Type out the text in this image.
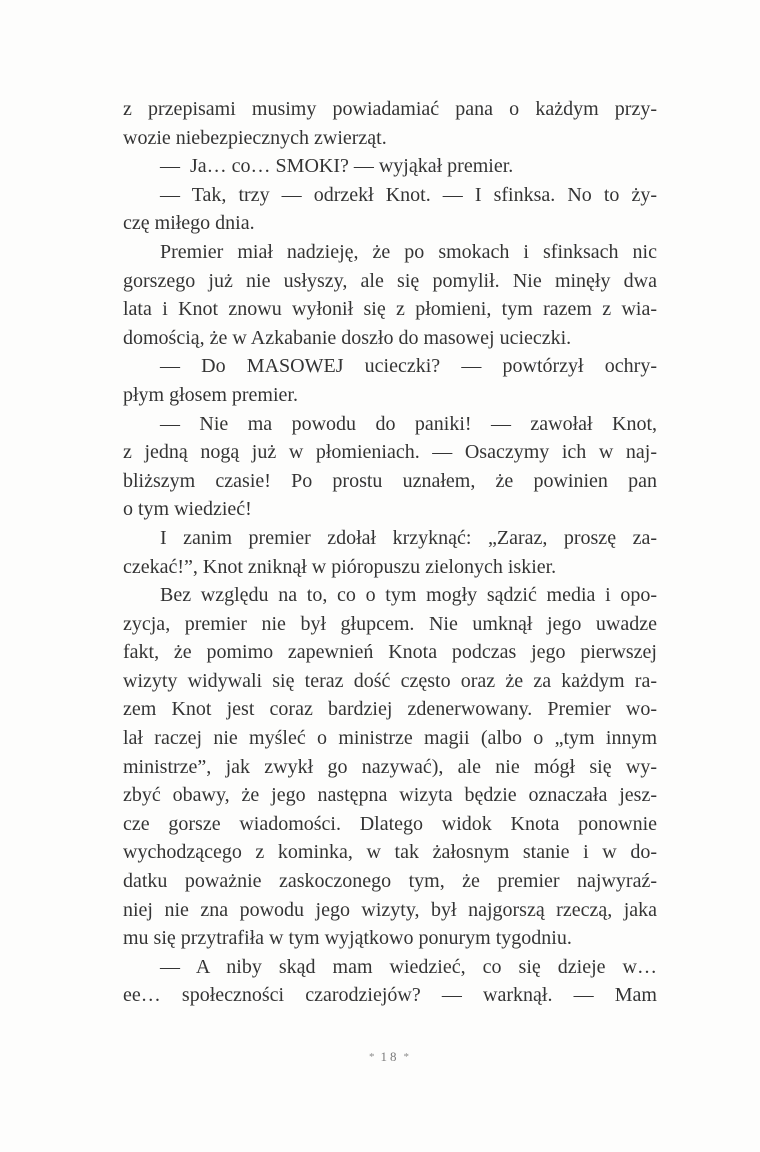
z przepisami musimy powiadamiać pana o każdym przy-
wozie niebezpiecznych zwierząt.
— Ja… co… SMOKI? — wyjąkał premier.
— Tak, trzy — odrzekł Knot. — I sfinksa. No to ży-
czę miłego dnia.
Premier miał nadzieję, że po smokach i sfinksach nic
gorszego już nie usłyszy, ale się pomylił. Nie minęły dwa
lata i Knot znowu wyłonił się z płomieni, tym razem z wia-
domością, że w Azkabanie doszło do masowej ucieczki.
— Do MASOWEJ ucieczki? — powtórzył ochry-
płym głosem premier.
— Nie ma powodu do paniki! — zawołał Knot,
z jedną nogą już w płomieniach. — Osaczymy ich w naj-
bliższym czasie! Po prostu uznałem, że powinien pan
o tym wiedzieć!
I zanim premier zdołał krzyknąć: „Zaraz, proszę za-
czekać!”, Knot zniknął w pióropuszu zielonych iskier.
Bez względu na to, co o tym mogły sądzić media i opo-
zycja, premier nie był głupcem. Nie umknął jego uwadze
fakt, że pomimo zapewnień Knota podczas jego pierwszej
wizyty widywali się teraz dość często oraz że za każdym ra-
zem Knot jest coraz bardziej zdenerwowany. Premier wo-
lał raczej nie myśleć o ministrze magii (albo o „tym innym
ministrze”, jak zwykł go nazywać), ale nie mógł się wy-
zbyć obawy, że jego następna wizyta będzie oznaczała jesz-
cze gorsze wiadomości. Dlatego widok Knota ponownie
wychodzącego z kominka, w tak żałosnym stanie i w do-
datku poważnie zaskoczonego tym, że premier najwyraź-
niej nie zna powodu jego wizyty, był najgorszą rzeczą, jaka
mu się przytrafiła w tym wyjątkowo ponurym tygodniu.
— A niby skąd mam wiedzieć, co się dzieje w…
ee… społeczności czarodziejów? — warknął. — Mam
* 18 *
